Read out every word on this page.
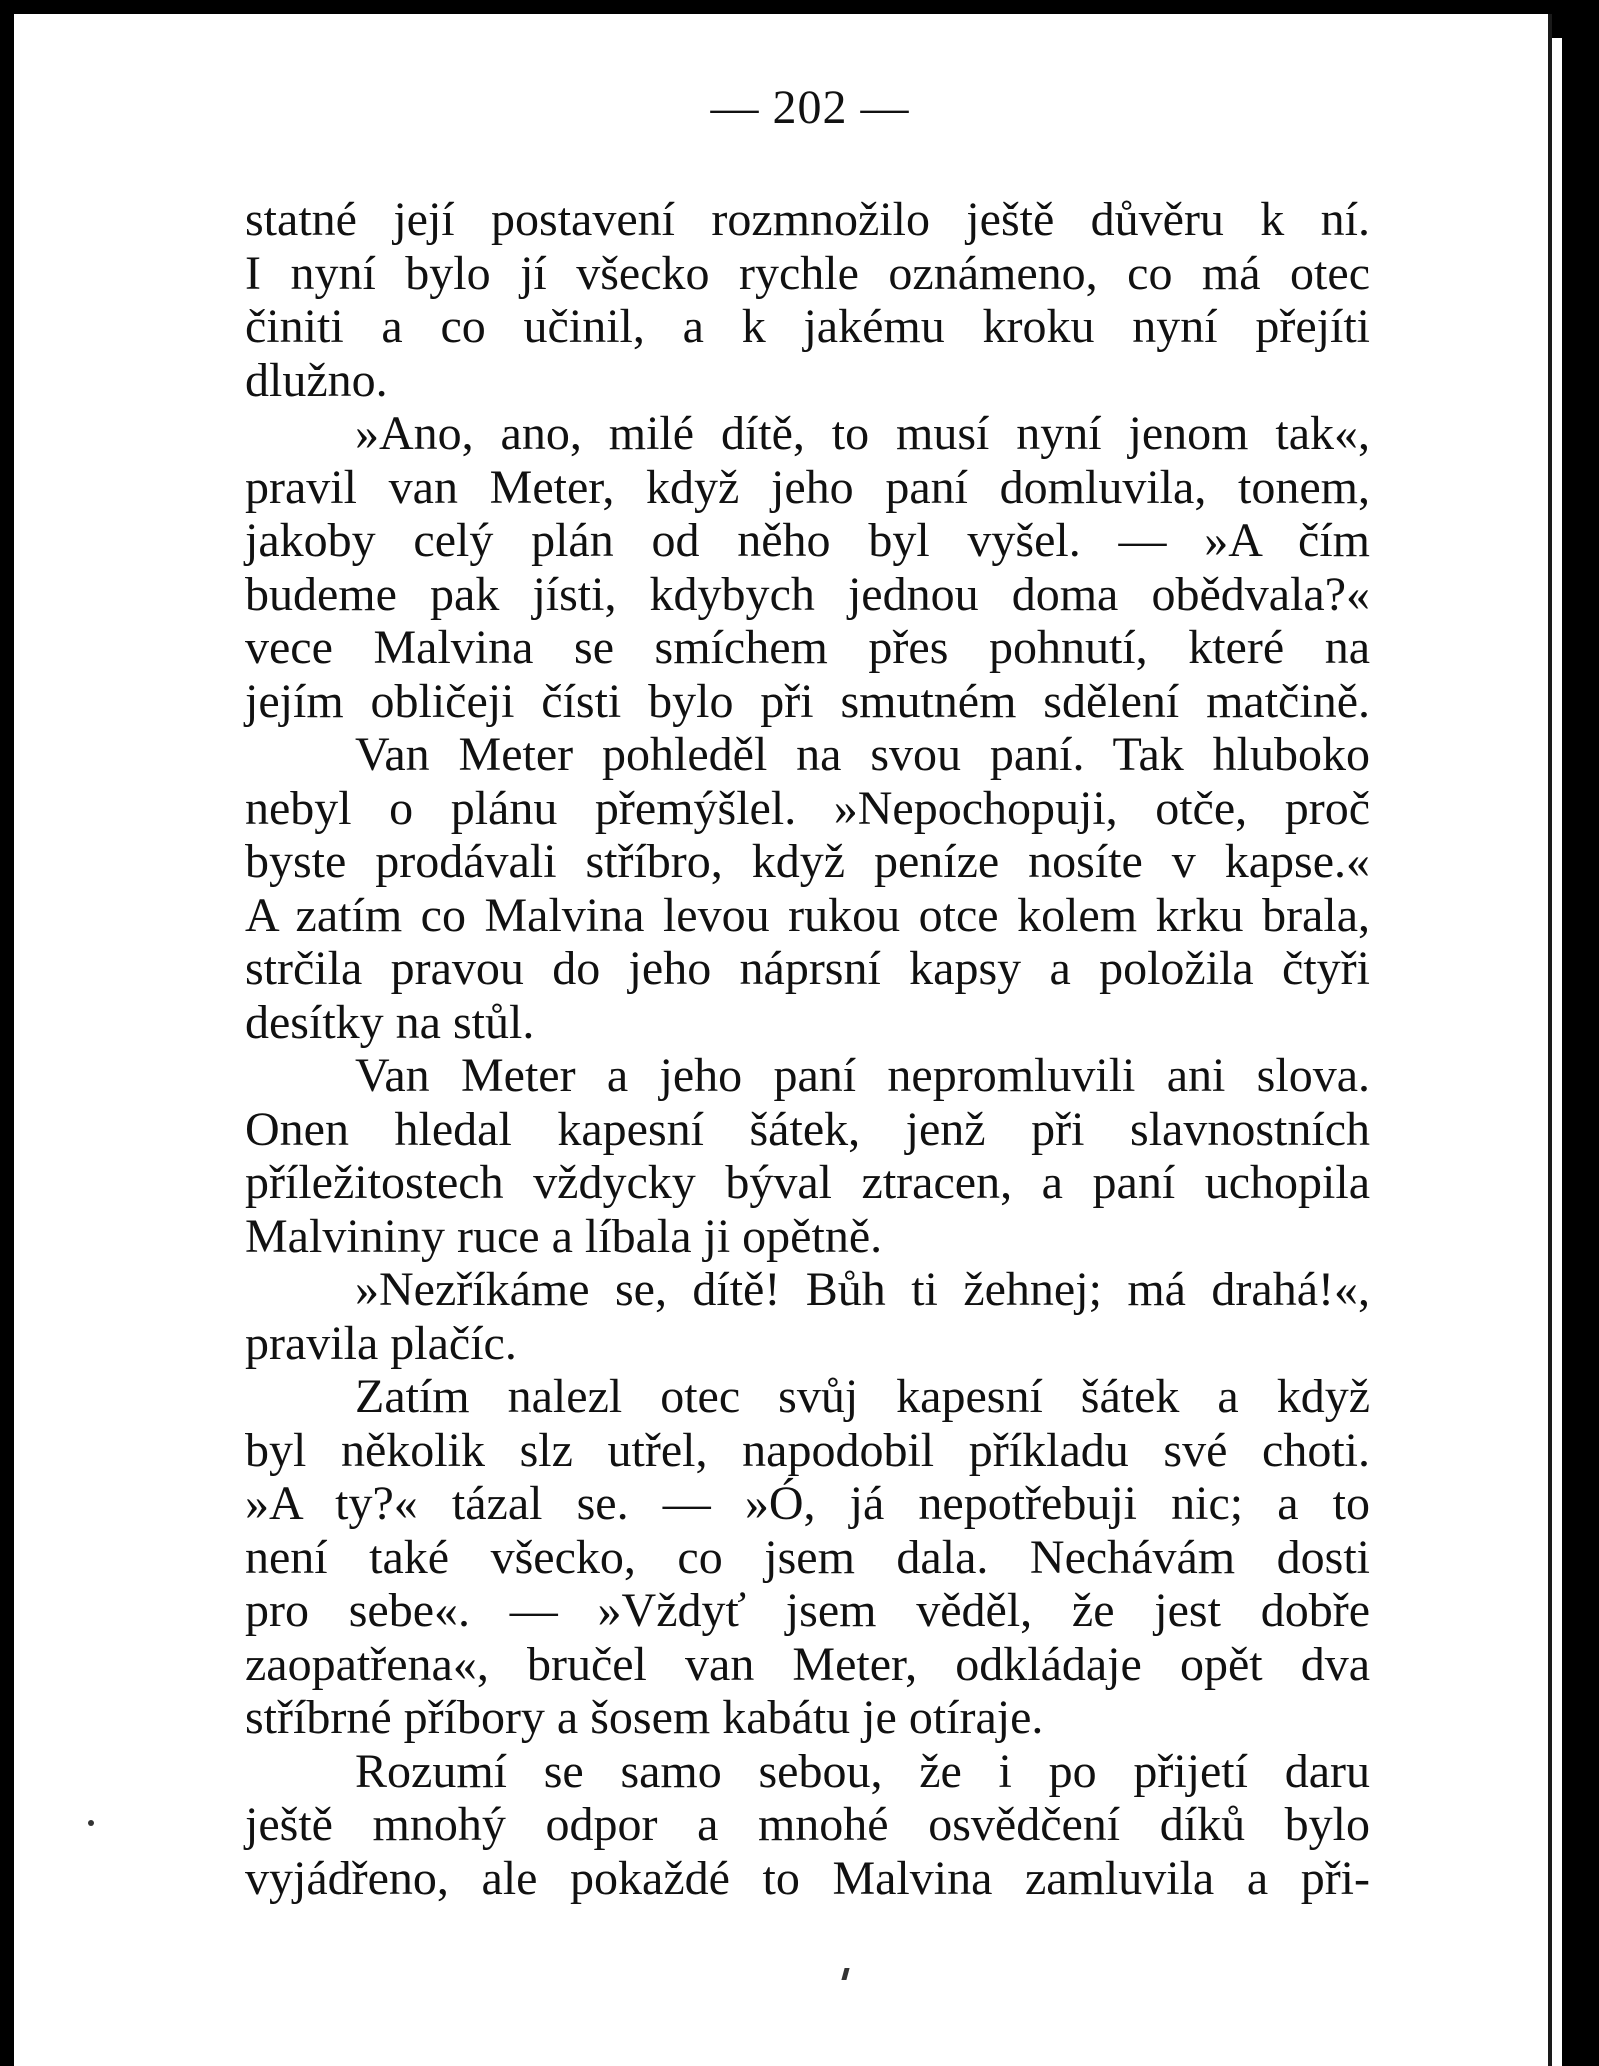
— 202 —
statné její postavení rozmnožilo ještě důvěru k ní.
I nyní bylo jí všecko rychle oznámeno, co má otec
činiti a co učinil, a k jakému kroku nyní přejíti
dlužno.
»Ano, ano, milé dítě, to musí nyní jenom tak«,
pravil van Meter, když jeho paní domluvila, tonem,
jakoby celý plán od něho byl vyšel. — »A čím
budeme pak jísti, kdybych jednou doma obědvala?«
vece Malvina se smíchem přes pohnutí, které na
jejím obličeji čísti bylo při smutném sdělení matčině.
Van Meter pohleděl na svou paní. Tak hluboko
nebyl o plánu přemýšlel. »Nepochopuji, otče, proč
byste prodávali stříbro, když peníze nosíte v kapse.«
A zatím co Malvina levou rukou otce kolem krku brala,
strčila pravou do jeho náprsní kapsy a položila čtyři
desítky na stůl.
Van Meter a jeho paní nepromluvili ani slova.
Onen hledal kapesní šátek, jenž při slavnostních
příležitostech vždycky býval ztracen, a paní uchopila
Malvininy ruce a líbala ji opětně.
»Nezříkáme se, dítě! Bůh ti žehnej; má drahá!«,
pravila plačíc.
Zatím nalezl otec svůj kapesní šátek a když
byl několik slz utřel, napodobil příkladu své choti.
»A ty?« tázal se. — »Ó, já nepotřebuji nic; a to
není také všecko, co jsem dala. Nechávám dosti
pro sebe«. — »Vždyť jsem věděl, že jest dobře
zaopatřena«, bručel van Meter, odkládaje opět dva
stříbrné příbory a šosem kabátu je otíraje.
Rozumí se samo sebou, že i po přijetí daru
ještě mnohý odpor a mnohé osvědčení díků bylo
vyjádřeno, ale pokaždé to Malvina zamluvila a při-
